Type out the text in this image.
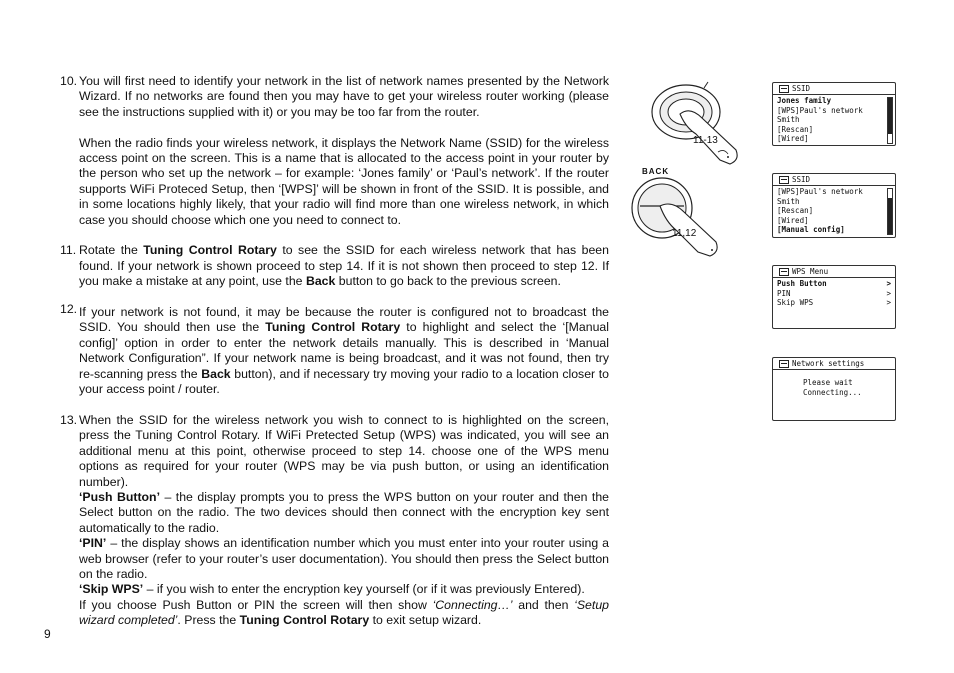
10. You will first need to identify your network in the list of network names presented by the Network Wizard. If no networks are found then you may have to get your wireless router working (please see the instructions supplied with it) or you may be too far from the router.

When the radio finds your wireless network, it displays the Network Name (SSID) for the wireless access point on the screen. This is a name that is allocated to the access point in your router by the person who set up the network – for example: ‘Jones family’ or ‘Paul’s network’. If the router supports WiFi Proteced Setup, then ‘[WPS]’ will be shown in front of the SSID. It is possible, and in some locations highly likely, that your radio will find more than one wireless network, in which case you should choose which one you need to connect to.

11. Rotate the Tuning Control Rotary to see the SSID for each wireless network that has been found. If your network is shown proceed to step 14. If it is not shown then proceed to step 12. If you make a mistake at any point, use the Back button to go back to the previous screen.

12. If your network is not found, it may be because the router is configured not to broadcast the SSID. You should then use the Tuning Control Rotary to highlight and select the ‘[Manual config]’ option in order to enter the network details manually. This is described in ‘Manual Network Configuration”. If your network name is being broadcast, and it was not found, then try re-scanning press the Back button), and if necessary try moving your radio to a location closer to your access point / router.

13. When the SSID for the wireless network you wish to connect to is highlighted on the screen, press the Tuning Control Rotary. If WiFi Pretected Setup (WPS) was indicated, you will see an additional menu at this point, otherwise proceed to step 14. choose one of the WPS menu options as required for your router (WPS may be via push button, or using an identification number).

‘Push Button’ – the display prompts you to press the WPS button on your router and then the Select button on the radio. The two devices should then connect with the encryption key sent automatically to the radio.

‘PIN’ – the display shows an identification number which you must enter into your router using a web browser (refer to your router’s user documentation). You should then press the Select button on the radio.

‘Skip WPS’ – if you wish to enter the encryption key yourself (or if it was previously Entered).

If you choose Push Button or PIN the screen will then show ‘Connecting…’ and then ‘Setup wizard completed’. Press the Tuning Control Rotary to exit setup wizard.

9
11-13
BACK
11,12
SSID
Jones family
[WPS]Paul's network
Smith
[Rescan]
[Wired]
SSID
[WPS]Paul's network
Smith
[Rescan]
[Wired]
[Manual config]
WPS Menu
Push Button	>
PIN	>
Skip WPS	>
Network settings
Please wait
Connecting...
